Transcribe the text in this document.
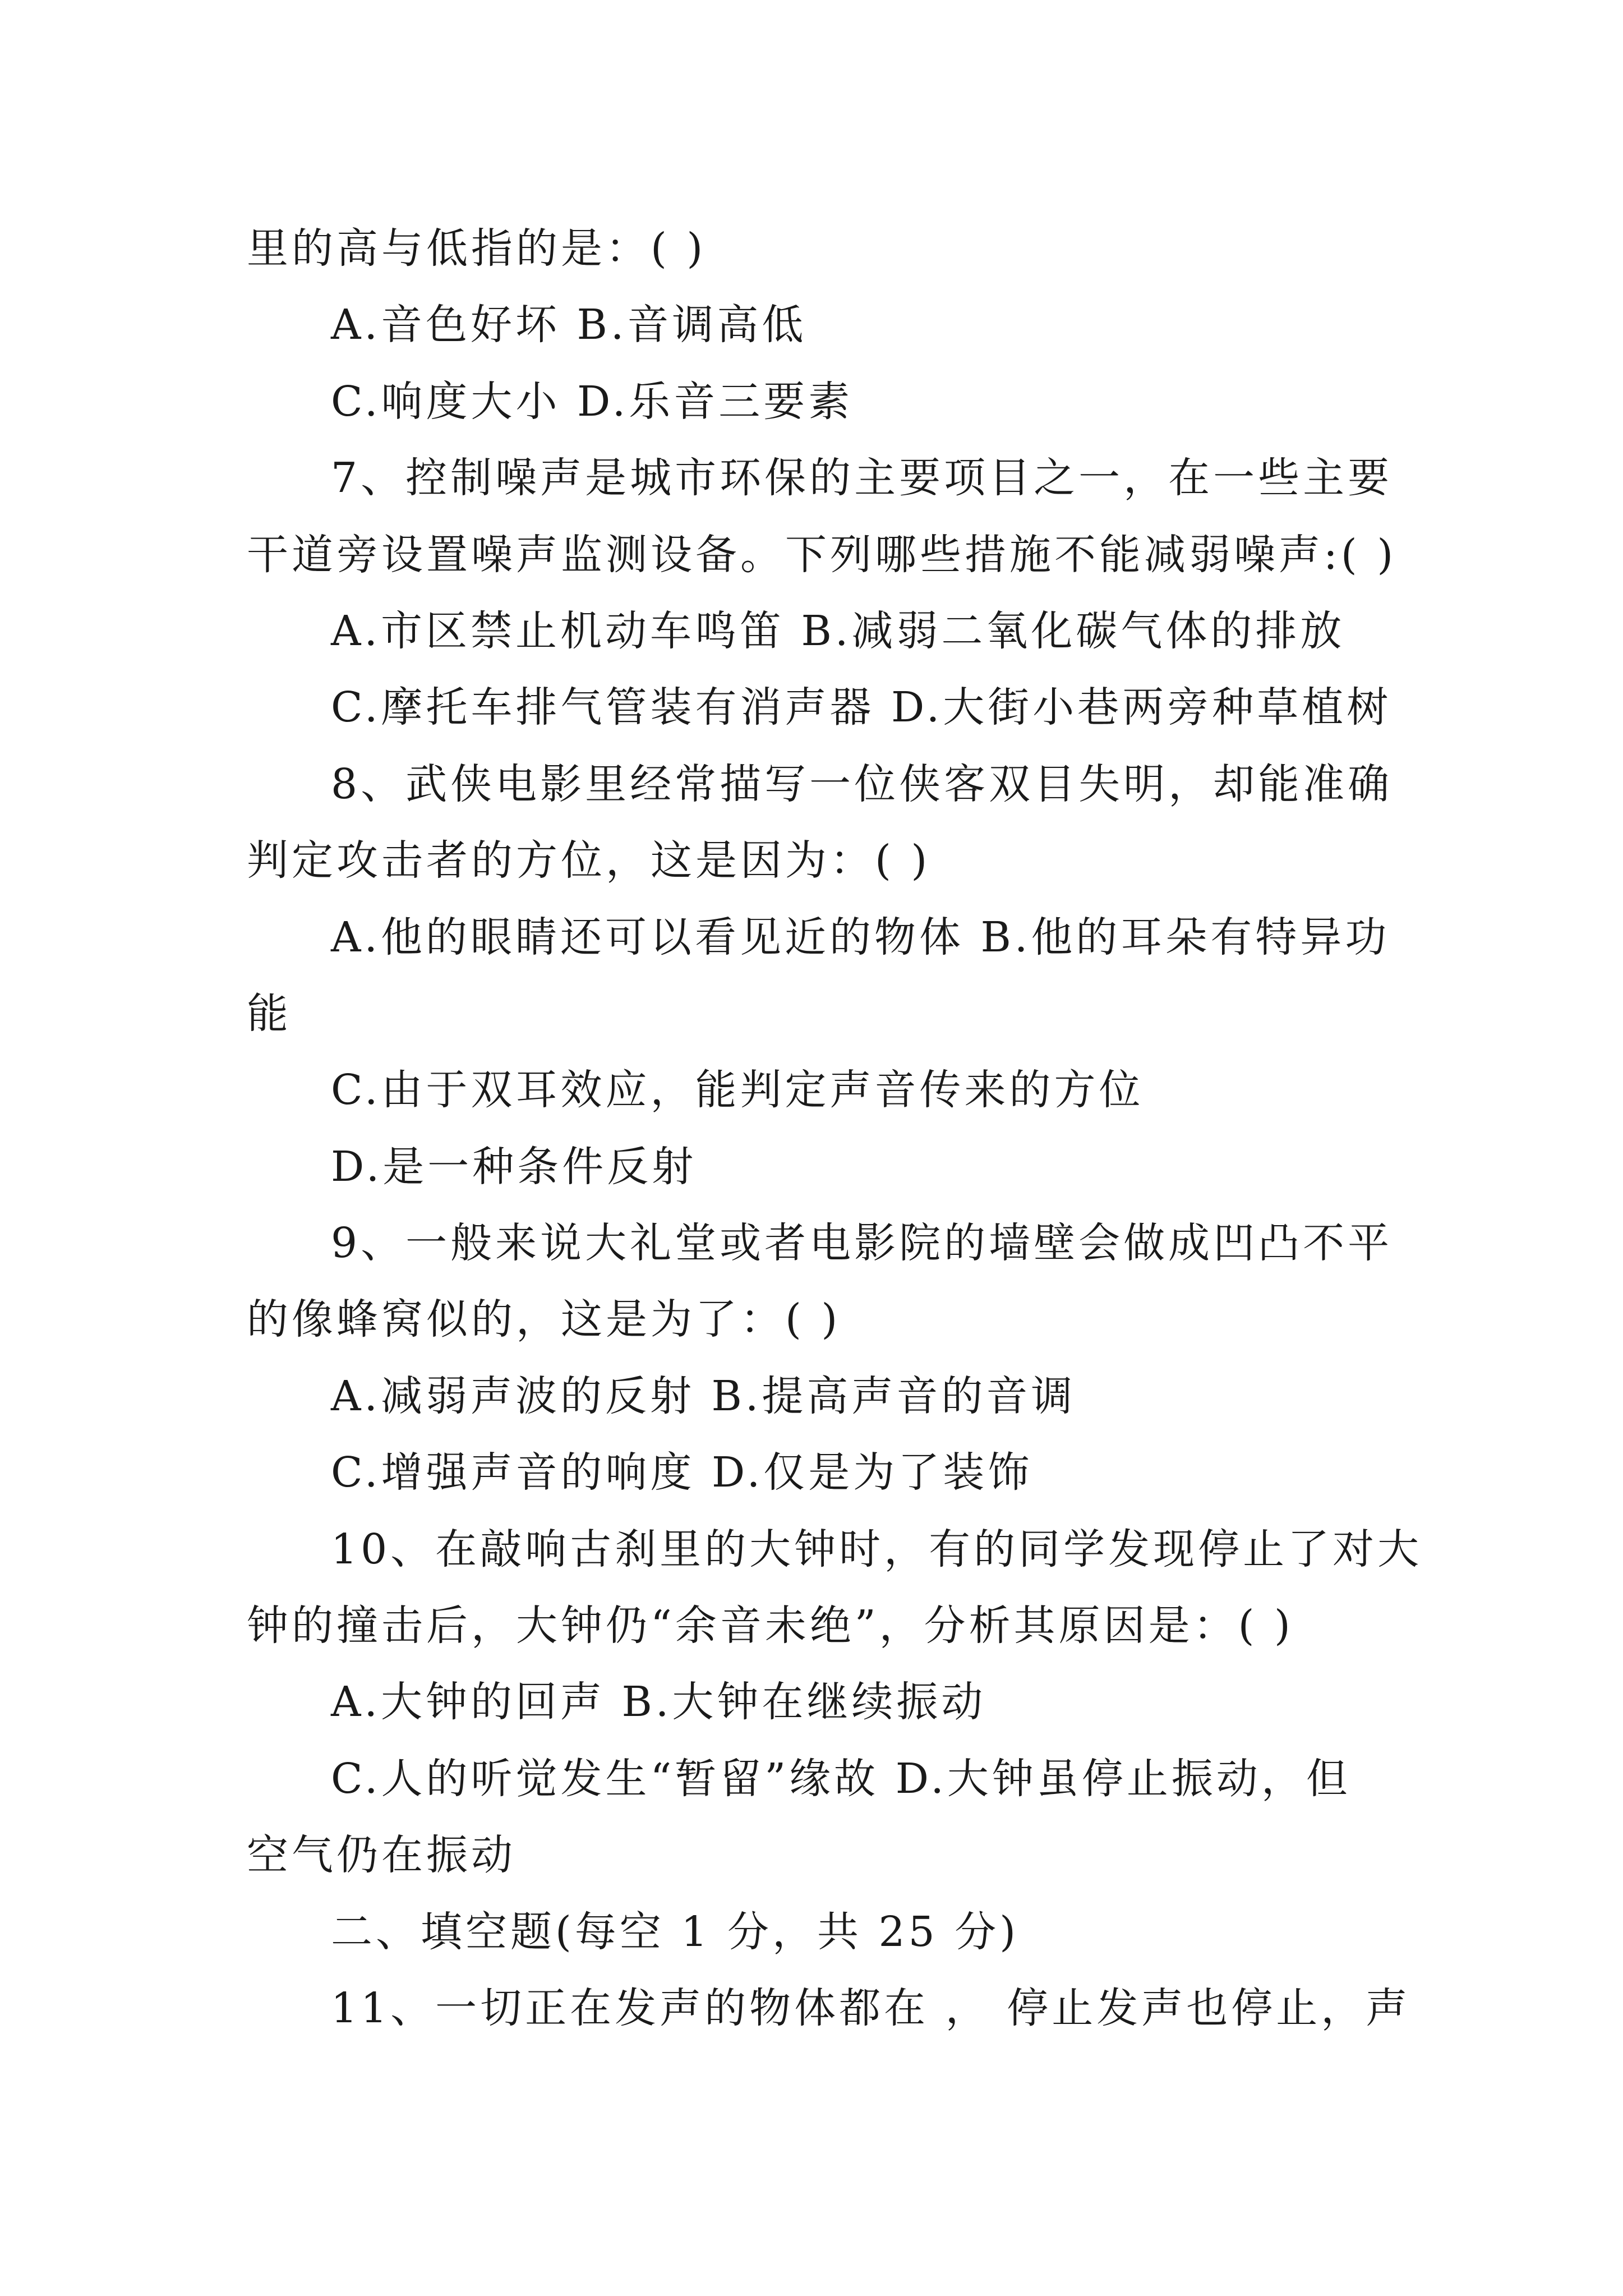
里的高与低指的是：( )
A.音色好坏 B.音调高低
C.响度大小 D.乐音三要素
7、控制噪声是城市环保的主要项目之一，在一些主要
干道旁设置噪声监测设备。下列哪些措施不能减弱噪声:( )
A.市区禁止机动车鸣笛 B.减弱二氧化碳气体的排放
C.摩托车排气管装有消声器 D.大街小巷两旁种草植树
8、武侠电影里经常描写一位侠客双目失明，却能准确
判定攻击者的方位，这是因为：( )
A.他的眼睛还可以看见近的物体 B.他的耳朵有特异功
能
C.由于双耳效应，能判定声音传来的方位
D.是一种条件反射
9、一般来说大礼堂或者电影院的墙壁会做成凹凸不平
的像蜂窝似的，这是为了：( )
A.减弱声波的反射 B.提高声音的音调
C.增强声音的响度 D.仅是为了装饰
10、在敲响古刹里的大钟时，有的同学发现停止了对大
钟的撞击后，大钟仍“余音未绝”，分析其原因是：( )
A.大钟的回声 B.大钟在继续振动
C.人的听觉发生“暂留”缘故 D.大钟虽停止振动，但
空气仍在振动
二、填空题(每空 1 分，共 25 分)
11、一切正在发声的物体都在 ， 停止发声也停止，声
